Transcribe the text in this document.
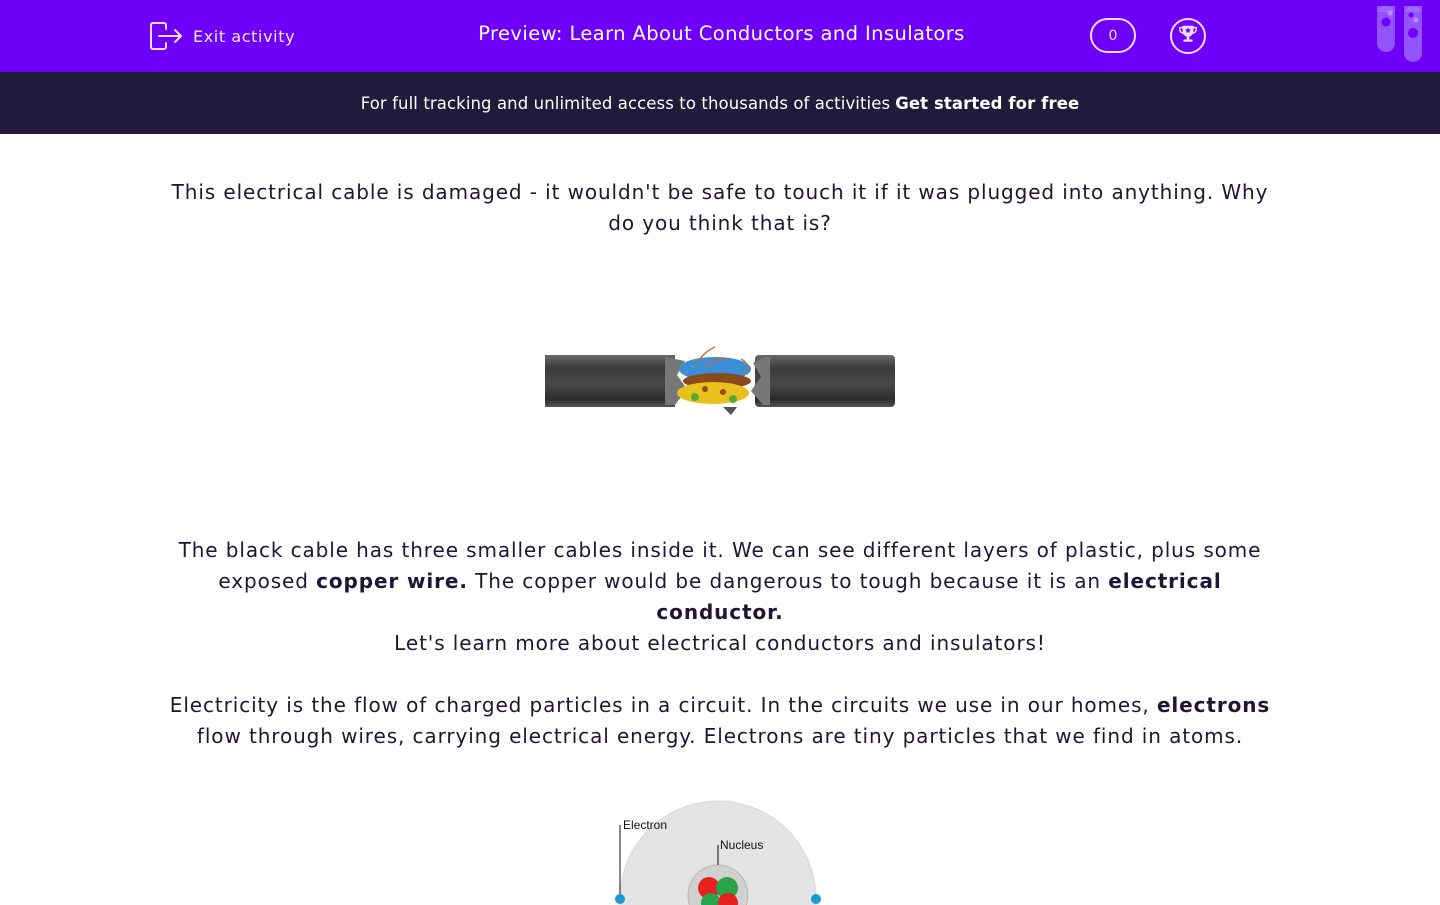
Exit activity	Preview: Learn About Conductors and Insulators	0
For full tracking and unlimited access to thousands of activities Get started for free

This electrical cable is damaged - it wouldn't be safe to touch it if it was plugged into anything. Why do you think that is?

The black cable has three smaller cables inside it. We can see different layers of plastic, plus some exposed copper wire. The copper would be dangerous to tough because it is an electrical conductor.

Let's learn more about electrical conductors and insulators!

Electricity is the flow of charged particles in a circuit. In the circuits we use in our homes, electrons flow through wires, carrying electrical energy. Electrons are tiny particles that we find in atoms.

Electron
Nucleus
